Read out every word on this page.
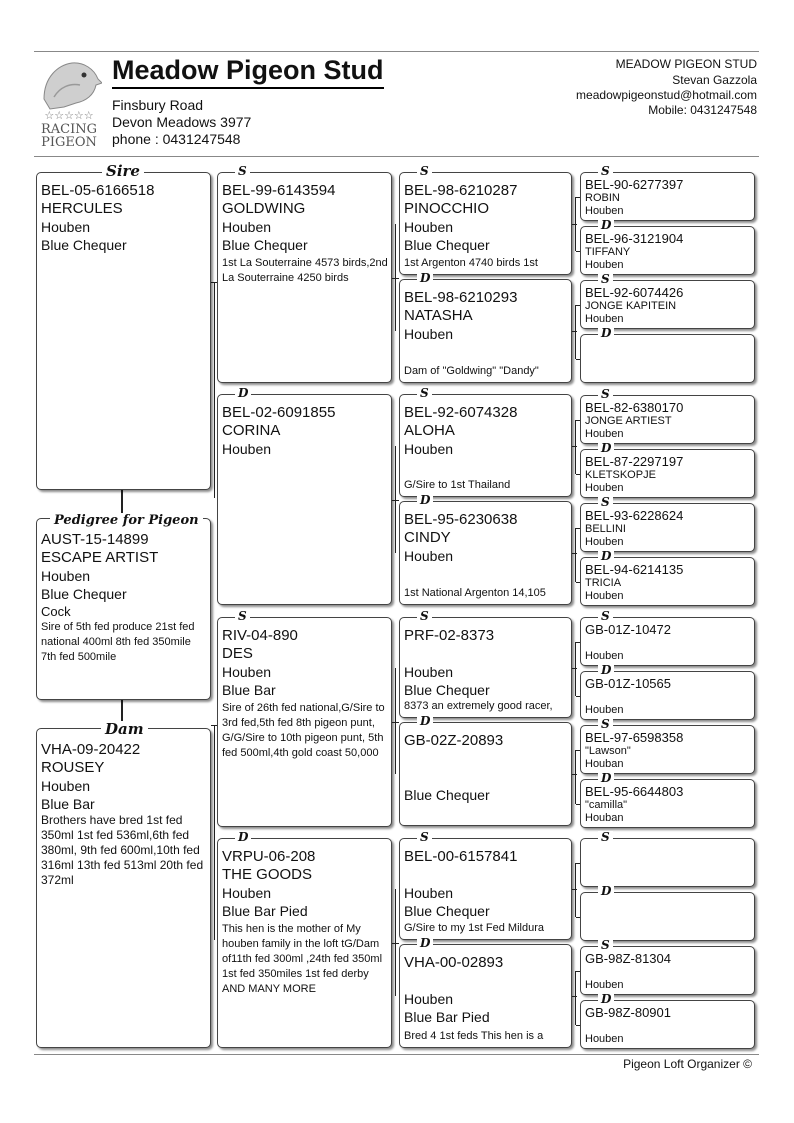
☆☆☆☆☆
RACING
PIGEON
Meadow Pigeon Stud
Finsbury Road
Devon Meadows 3977
phone : 0431247548
MEADOW PIGEON STUD
Stevan Gazzola
meadowpigeonstud@hotmail.com
Mobile: 0431247548
BEL-05-6166518
HERCULES
Houben
Blue Chequer
Sire
AUST-15-14899
ESCAPE ARTIST
Houben
Blue Chequer
Cock
Sire of 5th fed produce 21st fed national 400ml 8th fed 350mile 7th fed 500mile
Pedigree for Pigeon
VHA-09-20422
ROUSEY
Houben
Blue Bar
Brothers have bred 1st fed 350ml 1st fed 536ml,6th fed 380ml, 9th fed 600ml,10th fed 316ml 13th fed 513ml 20th fed 372ml
Dam
BEL-99-6143594
GOLDWING
Houben
Blue Chequer
1st La Souterraine 4573 birds,2nd La Souterraine 4250 birds
S
BEL-02-6091855
CORINA
Houben
D
RIV-04-890
DES
Houben
Blue Bar
Sire of 26th fed national,G/Sire to 3rd fed,5th fed 8th pigeon punt, G/G/Sire to 10th pigeon punt, 5th fed 500ml,4th gold coast 50,000
S
VRPU-06-208
THE GOODS
Houben
Blue Bar Pied
This hen is the mother of My houben family in the loft tG/Dam of11th fed 300ml ,24th fed 350ml 1st fed 350miles 1st fed derby AND MANY MORE
D
BEL-98-6210287
PINOCCHIO
Houben
Blue Chequer
1st Argenton 4740 birds 1st
S
BEL-98-6210293
NATASHA
Houben

Dam of "Goldwing" "Dandy"
D
BEL-92-6074328
ALOHA
Houben

G/Sire to 1st Thailand
S
BEL-95-6230638
CINDY
Houben

1st National Argenton 14,105
D
PRF-02-8373

Houben
Blue Chequer
8373 an extremely good racer,
S
GB-02Z-20893

Blue Chequer
D
BEL-00-6157841

Houben
Blue Chequer
G/Sire to my 1st Fed Mildura
S
VHA-00-02893

Houben
Blue Bar Pied
Bred 4 1st feds This hen is a
D
BEL-90-6277397
ROBIN
Houben
S
BEL-96-3121904
TIFFANY
Houben
D
BEL-92-6074426
JONGE KAPITEIN
Houben
S

D
BEL-82-6380170
JONGE ARTIEST
Houben
S
BEL-87-2297197
KLETSKOPJE
Houben
D
BEL-93-6228624
BELLINI
Houben
S
BEL-94-6214135
TRICIA
Houben
D
GB-01Z-10472

Houben
S
GB-01Z-10565

Houben
D
BEL-97-6598358
"Lawson"
Houban
S
BEL-95-6644803
"camilla"
Houban
D

S

D
GB-98Z-81304

Houben
S
GB-98Z-80901

Houben
D
Pigeon Loft Organizer ©
